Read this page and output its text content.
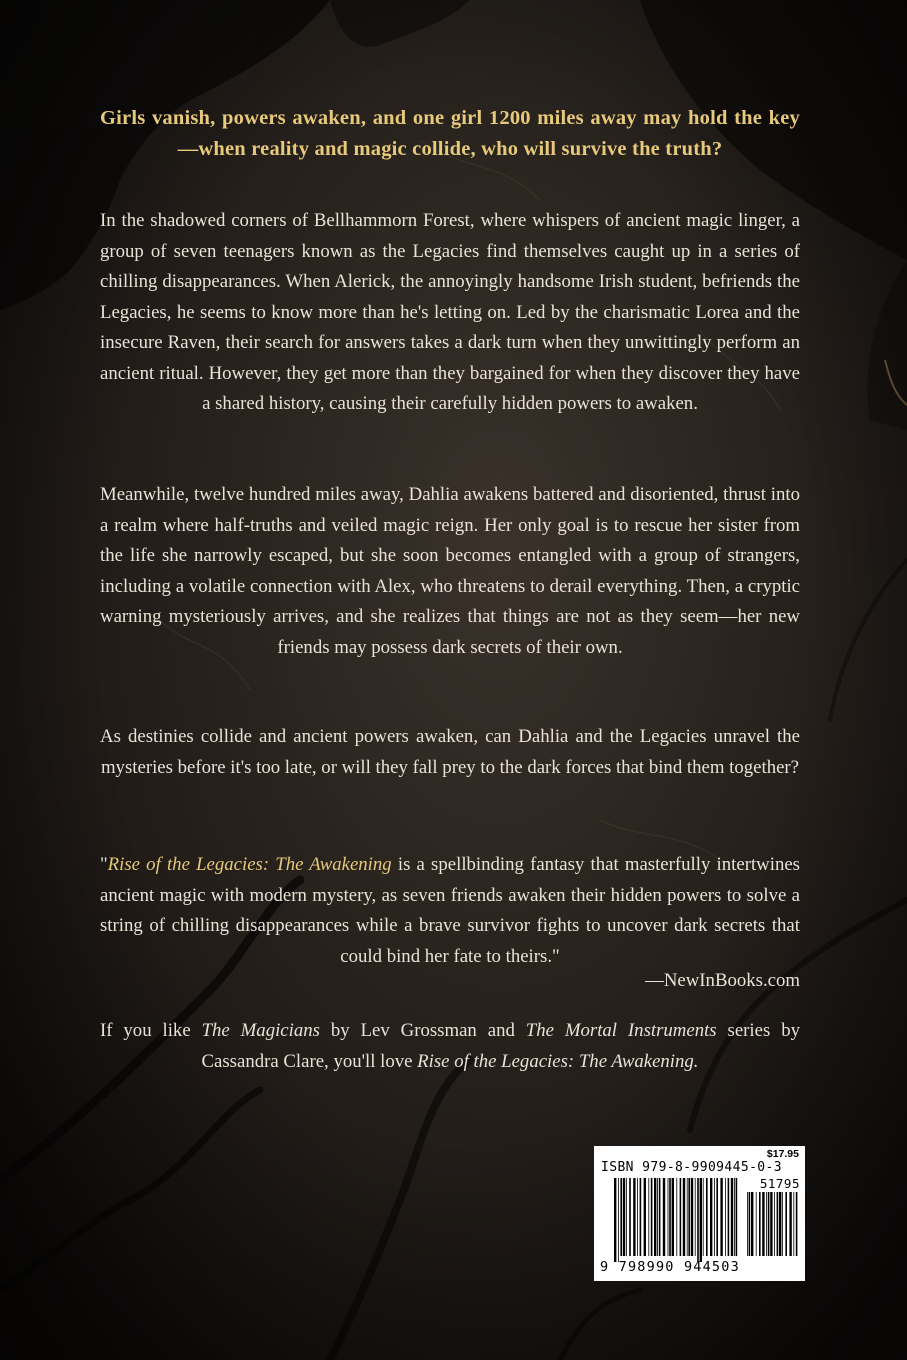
Girls vanish, powers awaken, and one girl 1200 miles away may hold the key—when reality and magic collide, who will survive the truth?

In the shadowed corners of Bellhammorn Forest, where whispers of ancient magic linger, a group of seven teenagers known as the Legacies find themselves caught up in a series of chilling disappearances. When Alerick, the annoyingly handsome Irish student, befriends the Legacies, he seems to know more than he's letting on. Led by the charismatic Lorea and the insecure Raven, their search for answers takes a dark turn when they unwittingly perform an ancient ritual. However, they get more than they bargained for when they discover they have a shared history, causing their carefully hidden powers to awaken.

Meanwhile, twelve hundred miles away, Dahlia awakens battered and disoriented, thrust into a realm where half-truths and veiled magic reign. Her only goal is to rescue her sister from the life she narrowly escaped, but she soon becomes entangled with a group of strangers, including a volatile connection with Alex, who threatens to derail everything. Then, a cryptic warning mysteriously arrives, and she realizes that things are not as they seem—her new friends may possess dark secrets of their own.

As destinies collide and ancient powers awaken, can Dahlia and the Legacies unravel the mysteries before it's too late, or will they fall prey to the dark forces that bind them together?

"Rise of the Legacies: The Awakening is a spellbinding fantasy that masterfully intertwines ancient magic with modern mystery, as seven friends awaken their hidden powers to solve a string of chilling disappearances while a brave survivor fights to uncover dark secrets that could bind her fate to theirs."

—NewInBooks.com

If you like The Magicians by Lev Grossman and The Mortal Instruments series by Cassandra Clare, you'll love Rise of the Legacies: The Awakening.

$17.95
ISBN 979-8-9909445-0-3
51795
9 798990 944503
